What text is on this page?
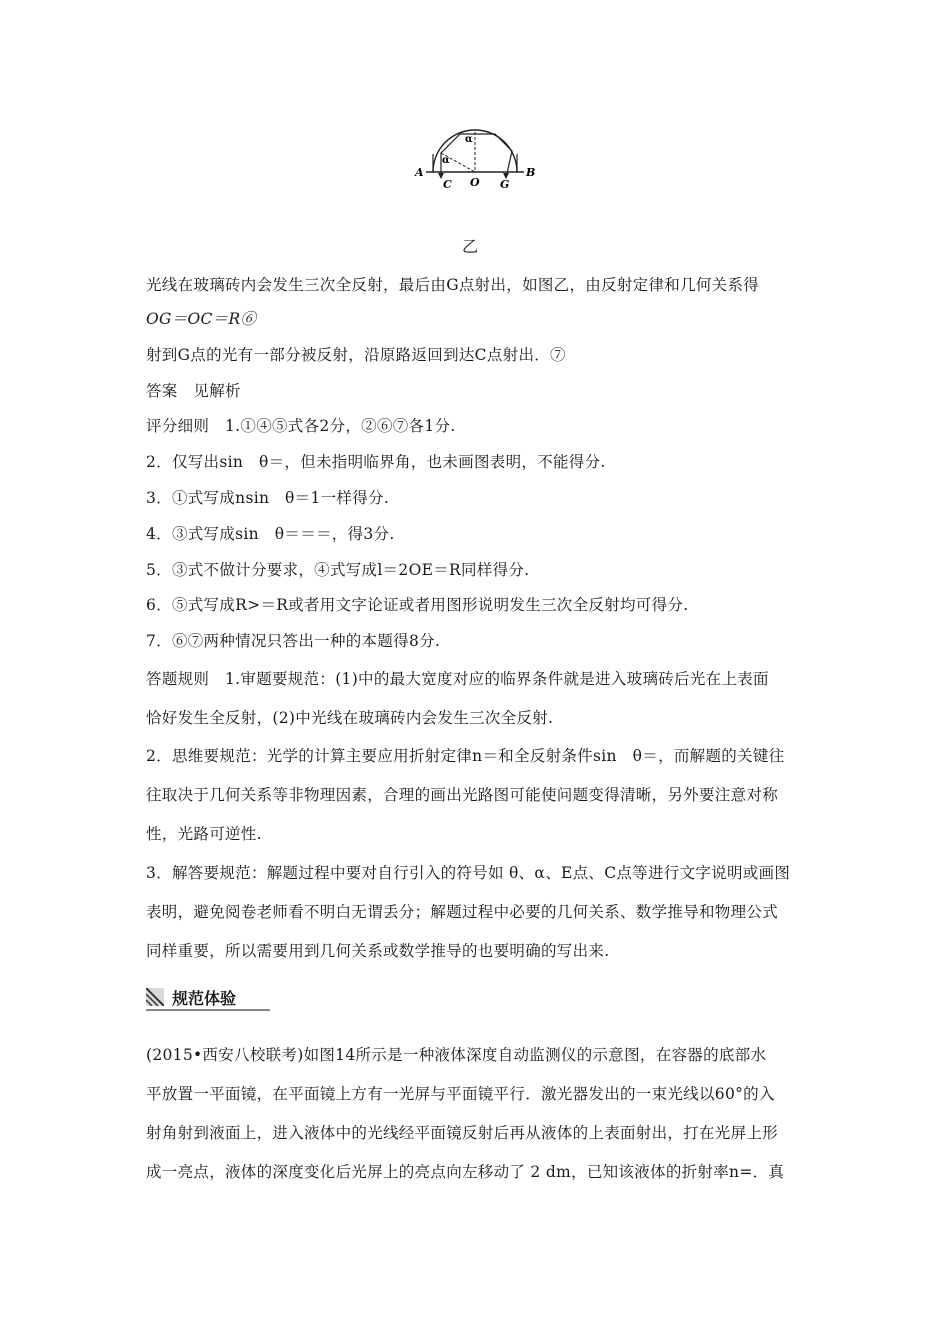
A	B
C O G
α
α
乙
光线在玻璃砖内会发生三次全反射，最后由G点射出，如图乙，由反射定律和几何关系得
OG＝OC＝R⑥
射到G点的光有一部分被反射，沿原路返回到达C点射出．⑦
答案　见解析
评分细则　1.①④⑤式各2分，②⑥⑦各1分.
2．仅写出sin　θ＝，但未指明临界角，也未画图表明，不能得分.
3．①式写成nsin　θ＝1一样得分.
4．③式写成sin　θ＝＝＝，得3分.
5．③式不做计分要求，④式写成l＝2OE＝R同样得分.
6．⑤式写成R>＝R或者用文字论证或者用图形说明发生三次全反射均可得分.
7．⑥⑦两种情况只答出一种的本题得8分.
答题规则　1.审题要规范：(1)中的最大宽度对应的临界条件就是进入玻璃砖后光在上表面
恰好发生全反射，(2)中光线在玻璃砖内会发生三次全反射.
2．思维要规范：光学的计算主要应用折射定律n＝和全反射条件sin　θ＝，而解题的关键往
往取决于几何关系等非物理因素，合理的画出光路图可能使问题变得清晰，另外要注意对称
性，光路可逆性.
3．解答要规范：解题过程中要对自行引入的符号如 θ、α、E点、C点等进行文字说明或画图
表明，避免阅卷老师看不明白无谓丢分；解题过程中必要的几何关系、数学推导和物理公式
同样重要，所以需要用到几何关系或数学推导的也要明确的写出来.
规范体验
(2015•西安八校联考)如图14所示是一种液体深度自动监测仪的示意图，在容器的底部水
平放置一平面镜，在平面镜上方有一光屏与平面镜平行．激光器发出的一束光线以60°的入
射角射到液面上，进入液体中的光线经平面镜反射后再从液体的上表面射出，打在光屏上形
成一亮点，液体的深度变化后光屏上的亮点向左移动了 2 dm，已知该液体的折射率n=．真
